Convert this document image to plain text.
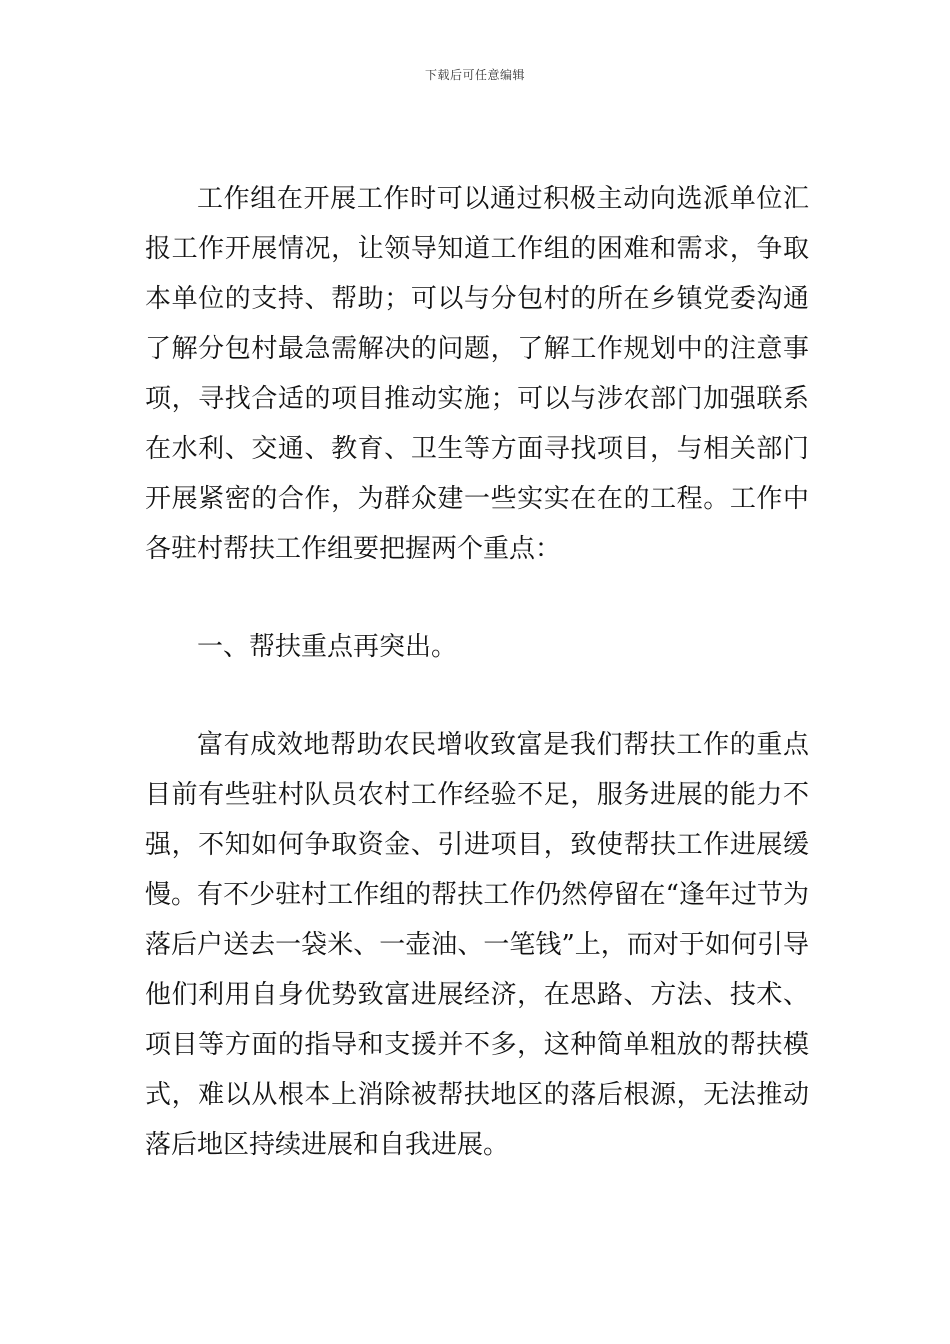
下载后可任意编辑

工作组在开展工作时可以通过积极主动向选派单位汇报工作开展情况，让领导知道工作组的困难和需求，争取本单位的支持、帮助；可以与分包村的所在乡镇党委沟通了解分包村最急需解决的问题，了解工作规划中的注意事项，寻找合适的项目推动实施；可以与涉农部门加强联系在水利、交通、教育、卫生等方面寻找项目，与相关部门开展紧密的合作，为群众建一些实实在在的工程。工作中各驻村帮扶工作组要把握两个重点：

一、帮扶重点再突出。

富有成效地帮助农民增收致富是我们帮扶工作的重点目前有些驻村队员农村工作经验不足，服务进展的能力不强，不知如何争取资金、引进项目，致使帮扶工作进展缓慢。有不少驻村工作组的帮扶工作仍然停留在“逢年过节为落后户送去一袋米、一壶油、一笔钱”上，而对于如何引导他们利用自身优势致富进展经济，在思路、方法、技术、项目等方面的指导和支援并不多，这种简单粗放的帮扶模式，难以从根本上消除被帮扶地区的落后根源，无法推动落后地区持续进展和自我进展。
